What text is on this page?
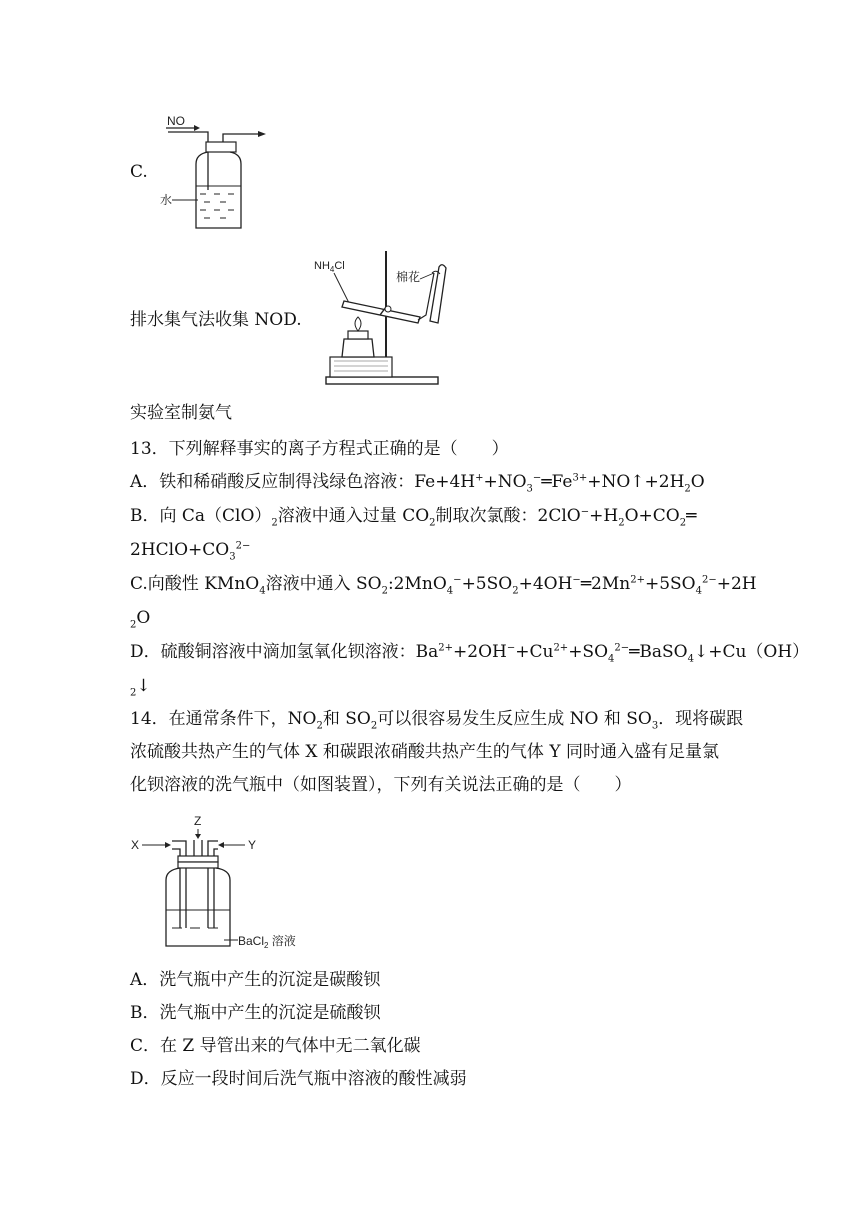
C.
NO
水
$NH_4Cl$
棉花
排水集气法收集 NOD.
实验室制氨气
13．下列解释事实的离子方程式正确的是（　　）
A．铁和稀硝酸反应制得浅绿色溶液：$Fe+4H^++NO_3^-═Fe^{3+}+NO↑+2H_2O$
B．向 $Ca(ClO)_2$溶液中通入过量 $CO_2$制取次氯酸：$2ClO^-+H_2O+CO_2═$
$2HClO+CO_3^{2-}$
C.向酸性 KMnO$_4$溶液中通入 $SO_2:2MnO_4^-+5SO_2+4OH^-═2Mn^{2+}+5SO_4^{2-}+2H$
$_2$O
D．硫酸铜溶液中滴加氢氧化钡溶液：$Ba^{2+}+2OH^-+Cu^{2+}+SO_4^{2-}═BaSO_4↓+Cu(OH)$
$_2$↓
14．在通常条件下，$NO_2$和 $SO_2$可以很容易发生反应生成 NO 和 $SO_3$．现将碳跟
浓硫酸共热产生的气体 X 和碳跟浓硝酸共热产生的气体 Y 同时通入盛有足量氯
化钡溶液的洗气瓶中（如图装置），下列有关说法正确的是（　　）
Z
X	Y
BaCl$_2$ 溶液
A．洗气瓶中产生的沉淀是碳酸钡
B．洗气瓶中产生的沉淀是硫酸钡
C．在 Z 导管出来的气体中无二氧化碳
D．反应一段时间后洗气瓶中溶液的酸性减弱
